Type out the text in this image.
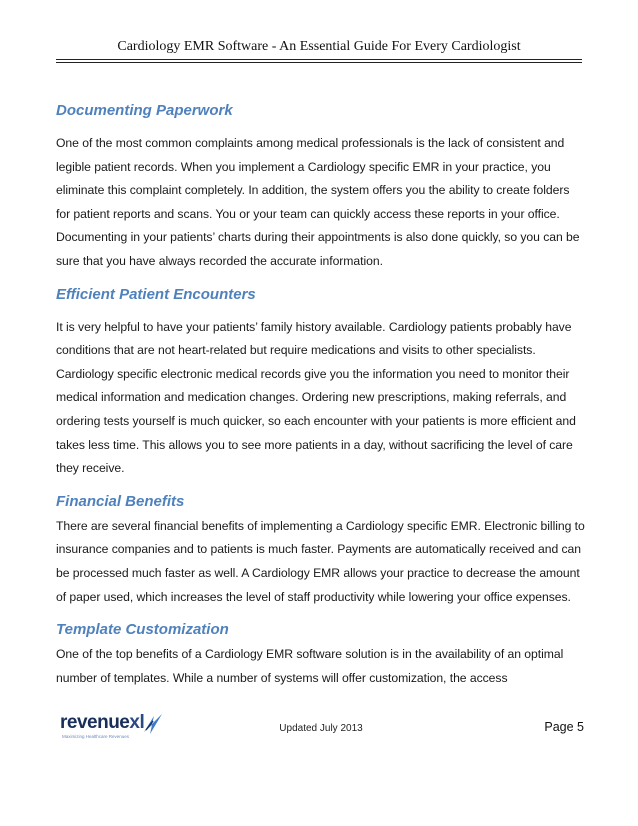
Cardiology EMR Software - An Essential Guide For Every Cardiologist
Documenting Paperwork

One of the most common complaints among medical professionals is the lack of consistent and legible patient records. When you implement a Cardiology specific EMR in your practice, you eliminate this complaint completely. In addition, the system offers you the ability to create folders for patient reports and scans. You or your team can quickly access these reports in your office. Documenting in your patients’ charts during their appointments is also done quickly, so you can be sure that you have always recorded the accurate information.

Efficient Patient Encounters

It is very helpful to have your patients’ family history available. Cardiology patients probably have conditions that are not heart-related but require medications and visits to other specialists. Cardiology specific electronic medical records give you the information you need to monitor their medical information and medication changes. Ordering new prescriptions, making referrals, and ordering tests yourself is much quicker, so each encounter with your patients is more efficient and takes less time. This allows you to see more patients in a day, without sacrificing the level of care they receive.

Financial Benefits

There are several financial benefits of implementing a Cardiology specific EMR. Electronic billing to insurance companies and to patients is much faster. Payments are automatically received and can be processed much faster as well. A Cardiology EMR allows your practice to decrease the amount of paper used, which increases the level of staff productivity while lowering your office expenses.

Template Customization

One of the top benefits of a Cardiology EMR software solution is in the availability of an optimal number of templates. While a number of systems will offer customization, the access

revenuexl
Maximizing Healthcare Revenues
Updated July 2013	Page 5
